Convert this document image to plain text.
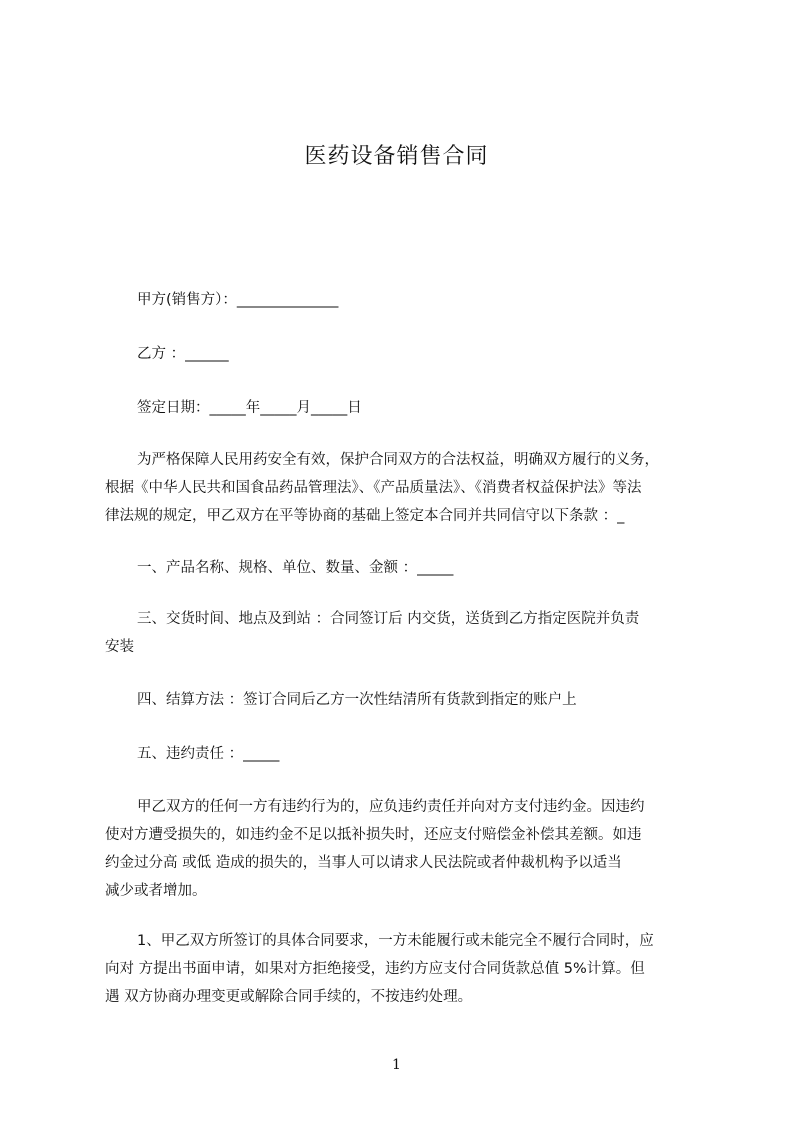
医药设备销售合同
甲方(销售方）：______________
乙方 ：______
签定日期：_____年_____月_____日
为严格保障人民用药安全有效，保护合同双方的合法权益，明确双方履行的义务，
根据《中华人民共和国食品药品管理法》、《产品质量法》、《消费者权益保护法》等法
律法规的规定，甲乙双方在平等协商的基础上签定本合同并共同信守以下条款 ：_
一、产品名称、规格、单位、数量、金额 ：_____
三、交货时间、地点及到站 ：合同签订后 内交货，送货到乙方指定医院并负责
安装
四、结算方法 ：签订合同后乙方一次性结清所有货款到指定的账户上
五、违约责任 ：_____
甲乙双方的任何一方有违约行为的，应负违约责任并向对方支付违约金。因违约
使对方遭受损失的，如违约金不足以抵补损失时，还应支付赔偿金补偿其差额。如违
约金过分高 或低 造成的损失的，当事人可以请求人民法院或者仲裁机构予以适当
减少或者增加。
1、甲乙双方所签订的具体合同要求，一方未能履行或未能完全不履行合同时，应
向对 方提出书面申请，如果对方拒绝接受，违约方应支付合同货款总值 5%计算。但
遇 双方协商办理变更或解除合同手续的，不按违约处理。
1
